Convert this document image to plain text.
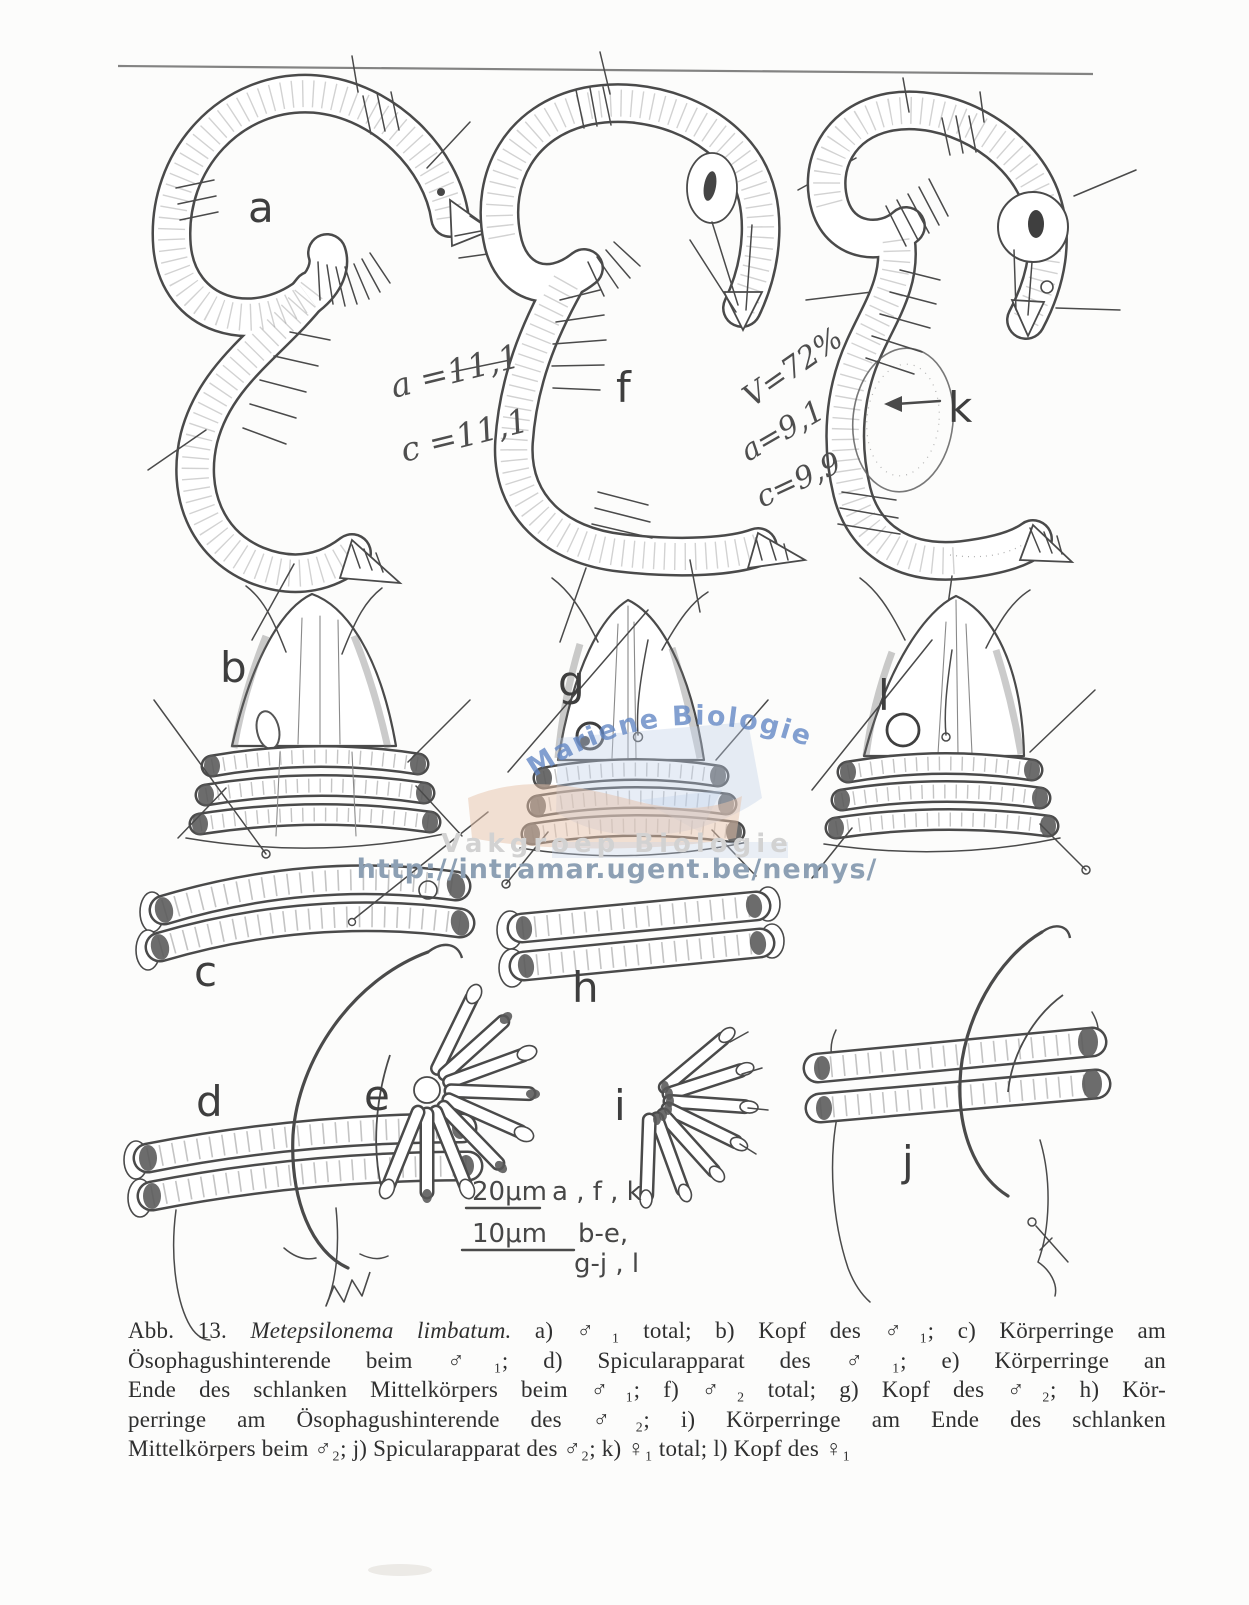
a
f
a =11,1
c =11,1	k
V=72%
a=9,1
c=9,9
b	g	l
c	h
d	e	i
j
20μm a , f , k
10μm b-e,
g-j , l
Mariene Biologie
Vakgroep Biologie
http://intramar.ugent.be/nemys/
Abb. 13. Metepsilonema limbatum. a) ♂₁ total; b) Kopf des ♂₁; c) Körperringe am
Ösophagushinterende beim ♂₁; d) Spicularapparat des ♂₁; e) Körperringe an
Ende des schlanken Mittelkörpers beim ♂₁; f) ♂₂ total; g) Kopf des ♂₂; h) Kör-
perringe am Ösophagushinterende des ♂₂; i) Körperringe am Ende des schlanken
Mittelkörpers beim ♂₂; j) Spicularapparat des ♂₂; k) ♀₁ total; l) Kopf des ♀₁
